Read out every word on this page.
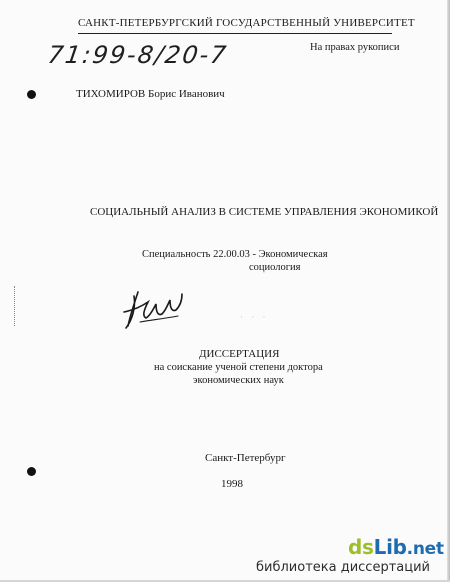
САНКТ-ПЕТЕРБУРГСКИЙ ГОСУДАРСТВЕННЫЙ УНИВЕРСИТЕТ
На правах рукописи
71:99-8/20-7
ТИХОМИРОВ Борис Иванович
СОЦИАЛЬНЫЙ АНАЛИЗ В СИСТЕМЕ УПРАВЛЕНИЯ ЭКОНОМИКОЙ
Специальность 22.00.03 - Экономическая
социология
· · ·
ДИССЕРТАЦИЯ
на соискание ученой степени доктора
экономических наук
Санкт-Петербург
1998
dsLib.net
библиотека диссертаций
